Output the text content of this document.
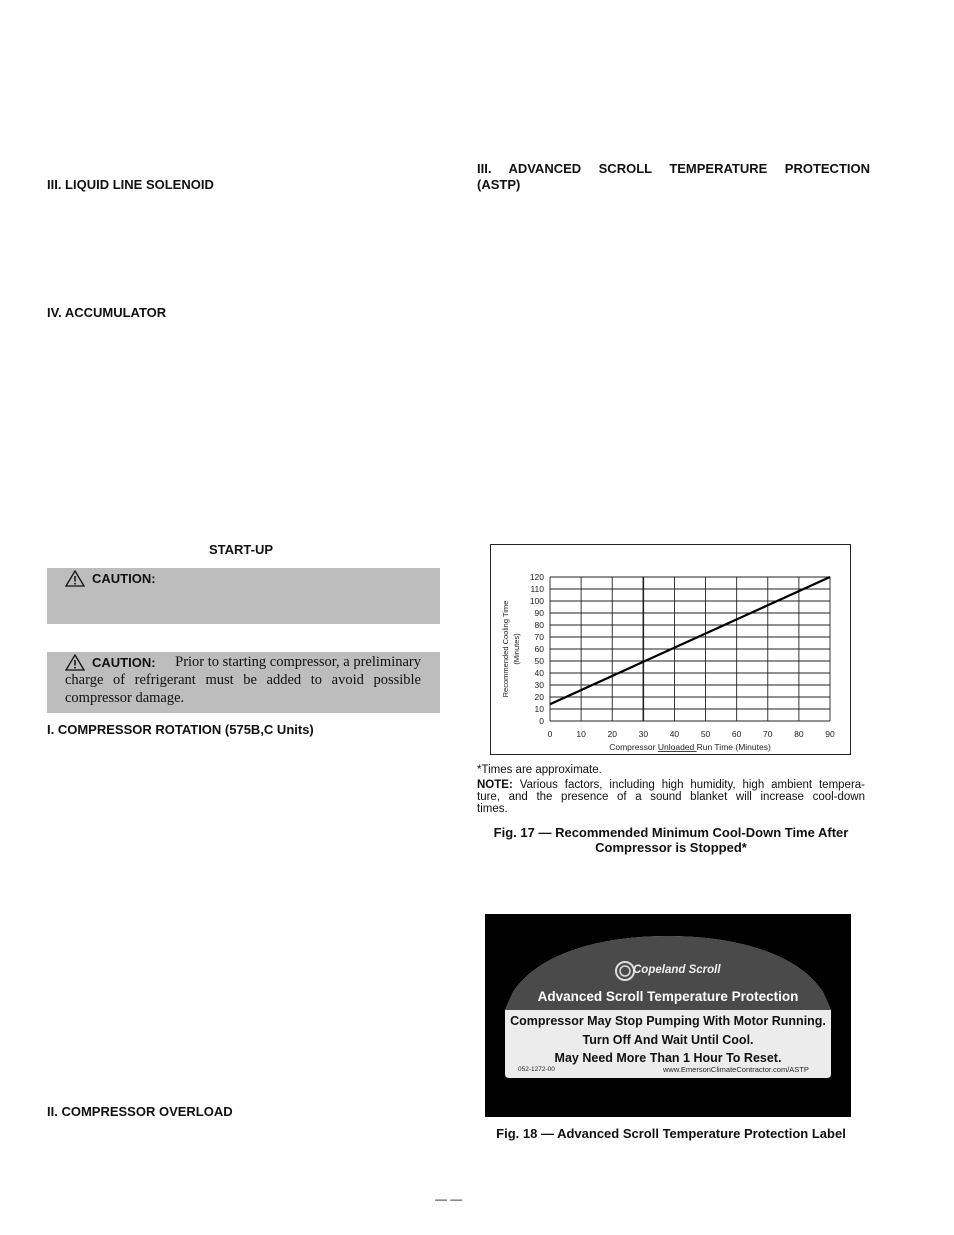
III. LIQUID LINE SOLENOID
IV. ACCUMULATOR
START-UP
CAUTION:
CAUTION:	Prior to starting compressor, a preliminary
charge of refrigerant must be added to avoid possible
compressor damage.
I. COMPRESSOR ROTATION (575B,C Units)
II. COMPRESSOR OVERLOAD
III. ADVANCED SCROLL TEMPERATURE PROTECTION
(ASTP)
0	10	20	30	40	50	60	70	80	90
0
10
20
30
40
50
60
70
80
90
100
110
120
Recommended Cooling Time (Minutes)
Compressor Unloaded Run Time (Minutes)
*Times are approximate.
NOTE: Various factors, including high humidity, high ambient tempera-
ture, and the presence of a sound blanket will increase cool-down
times.
Fig. 17 — Recommended Minimum Cool-Down Time After
Compressor is Stopped*
Copeland Scroll
Advanced Scroll Temperature Protection
Compressor May Stop Pumping With Motor Running.
Turn Off And Wait Until Cool.
May Need More Than 1 Hour To Reset.
052-1272-00	www.EmersonClimateContractor.com/ASTP
Fig. 18 — Advanced Scroll Temperature Protection Label
— —
